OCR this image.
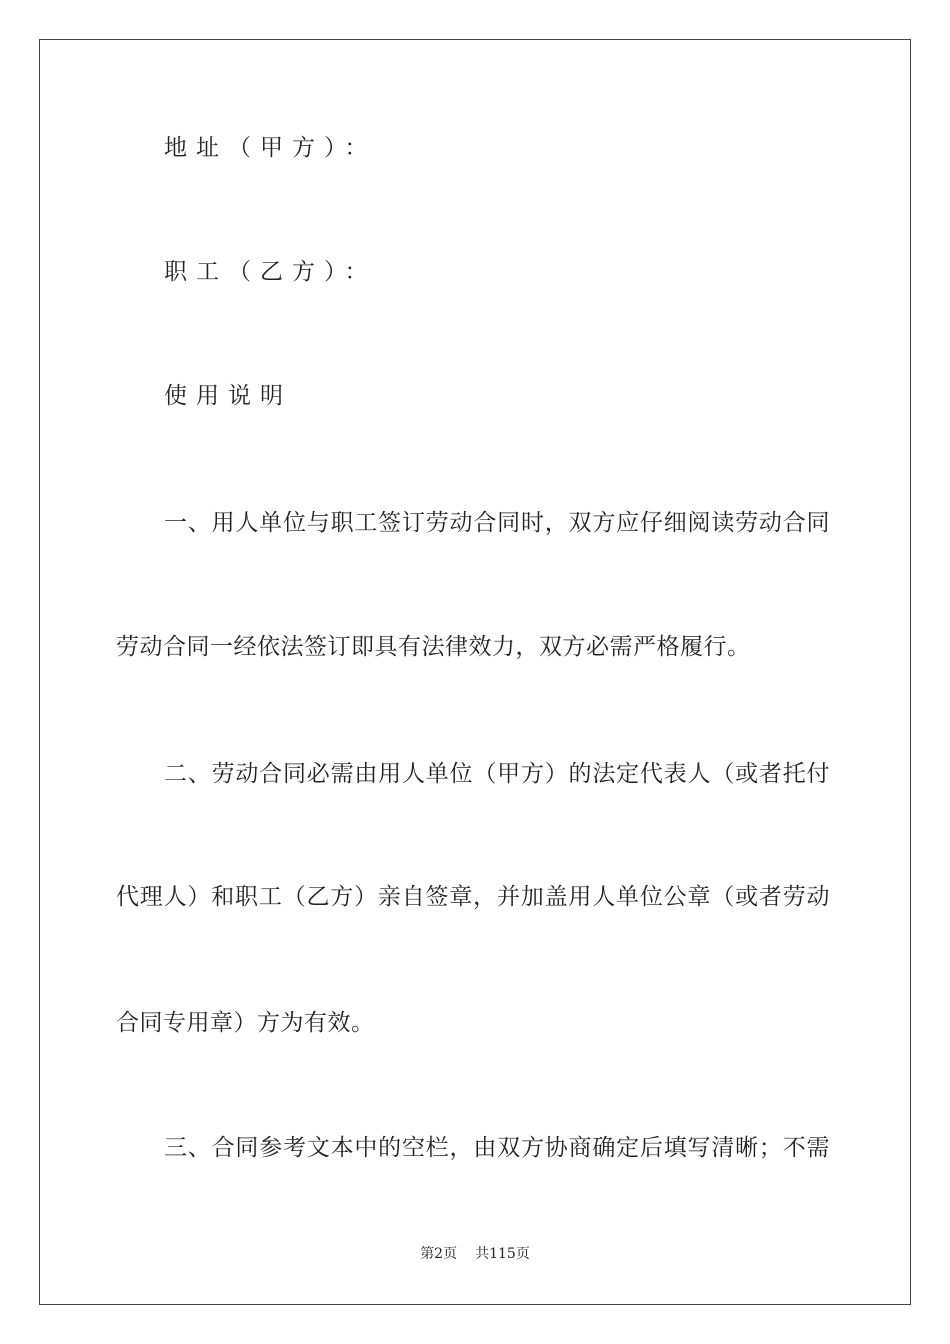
地址（甲方）：
职工（乙方）：
使用说明
一、用人单位与职工签订劳动合同时，双方应仔细阅读劳动合同
劳动合同一经依法签订即具有法律效力，双方必需严格履行。
二、劳动合同必需由用人单位（甲方）的法定代表人（或者托付
代理人）和职工（乙方）亲自签章，并加盖用人单位公章（或者劳动
合同专用章）方为有效。
三、合同参考文本中的空栏，由双方协商确定后填写清晰；不需
第2页 共115页
